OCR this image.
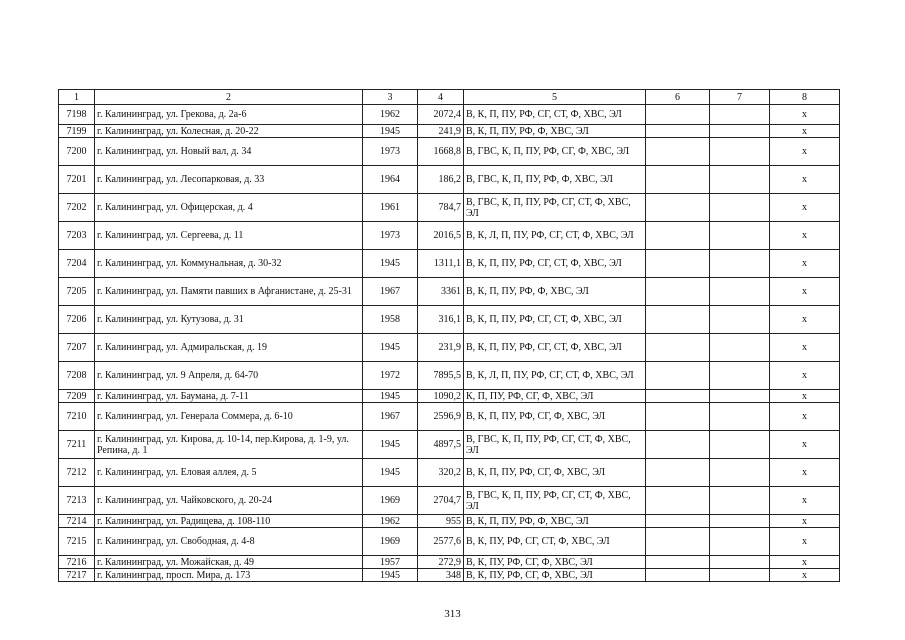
1	2	3	4	5	6	7	8
7198	г. Калининград, ул. Грекова, д. 2а-6	1962	2072,4	В, К, П, ПУ, РФ, СГ, СТ, Ф, ХВС, ЭЛ			x
7199	г. Калининград, ул. Колесная, д. 20-22	1945	241,9	В, К, П, ПУ, РФ, Ф, ХВС, ЭЛ			x
7200	г. Калининград, ул. Новый вал, д. 34	1973	1668,8	В, ГВС, К, П, ПУ, РФ, СГ, Ф, ХВС, ЭЛ			x
7201	г. Калининград, ул. Лесопарковая, д. 33	1964	186,2	В, ГВС, К, П, ПУ, РФ, Ф, ХВС, ЭЛ			x
7202	г. Калининград, ул. Офицерская, д. 4	1961	784,7	В, ГВС, К, П, ПУ, РФ, СГ, СТ, Ф, ХВС, ЭЛ			x
7203	г. Калининград, ул. Сергеева, д. 11	1973	2016,5	В, К, Л, П, ПУ, РФ, СГ, СТ, Ф, ХВС, ЭЛ			x
7204	г. Калининград, ул. Коммунальная, д. 30-32	1945	1311,1	В, К, П, ПУ, РФ, СГ, СТ, Ф, ХВС, ЭЛ			x
7205	г. Калининград, ул. Памяти павших в Афганистане, д. 25-31	1967	3361	В, К, П, ПУ, РФ, Ф, ХВС, ЭЛ			x
7206	г. Калининград, ул. Кутузова, д. 31	1958	316,1	В, К, П, ПУ, РФ, СГ, СТ, Ф, ХВС, ЭЛ			x
7207	г. Калининград, ул. Адмиральская, д. 19	1945	231,9	В, К, П, ПУ, РФ, СГ, СТ, Ф, ХВС, ЭЛ			x
7208	г. Калининград, ул. 9 Апреля, д. 64-70	1972	7895,5	В, К, Л, П, ПУ, РФ, СГ, СТ, Ф, ХВС, ЭЛ			x
7209	г. Калининград, ул. Баумана, д. 7-11	1945	1090,2	К, П, ПУ, РФ, СГ, Ф, ХВС, ЭЛ			x
7210	г. Калининград, ул. Генерала Соммера, д. 6-10	1967	2596,9	В, К, П, ПУ, РФ, СГ, Ф, ХВС, ЭЛ			x
7211	г. Калининград, ул. Кирова, д. 10-14, пер.Кирова, д. 1-9, ул. Репина, д. 1	1945	4897,5	В, ГВС, К, П, ПУ, РФ, СГ, СТ, Ф, ХВС, ЭЛ			x
7212	г. Калининград, ул. Еловая аллея, д. 5	1945	320,2	В, К, П, ПУ, РФ, СГ, Ф, ХВС, ЭЛ			x
7213	г. Калининград, ул. Чайковского, д. 20-24	1969	2704,7	В, ГВС, К, П, ПУ, РФ, СГ, СТ, Ф, ХВС, ЭЛ			x
7214	г. Калининград, ул. Радищева, д. 108-110	1962	955	В, К, П, ПУ, РФ, Ф, ХВС, ЭЛ			x
7215	г. Калининград, ул. Свободная, д. 4-8	1969	2577,6	В, К, ПУ, РФ, СГ, СТ, Ф, ХВС, ЭЛ			x
7216	г. Калининград, ул. Можайская, д. 49	1957	272,9	В, К, ПУ, РФ, СГ, Ф, ХВС, ЭЛ			x
7217	г. Калининград, просп. Мира, д. 173	1945	348	В, К, ПУ, РФ, СГ, Ф, ХВС, ЭЛ			x
313
